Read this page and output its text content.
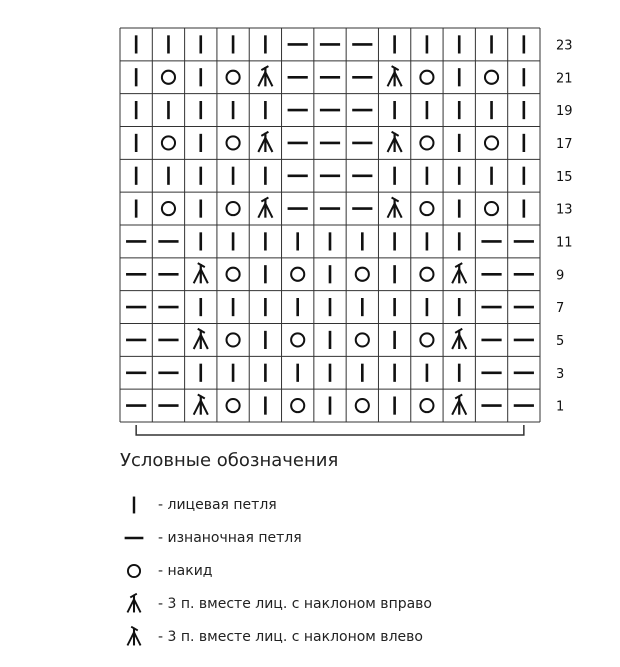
23
21
19
17
15
13
11
9
7
5
3
1
Условные обозначения
- лицевая петля
- изнаночная петля
- накид
- 3 п. вместе лиц. с наклоном вправо
- 3 п. вместе лиц. с наклоном влево
